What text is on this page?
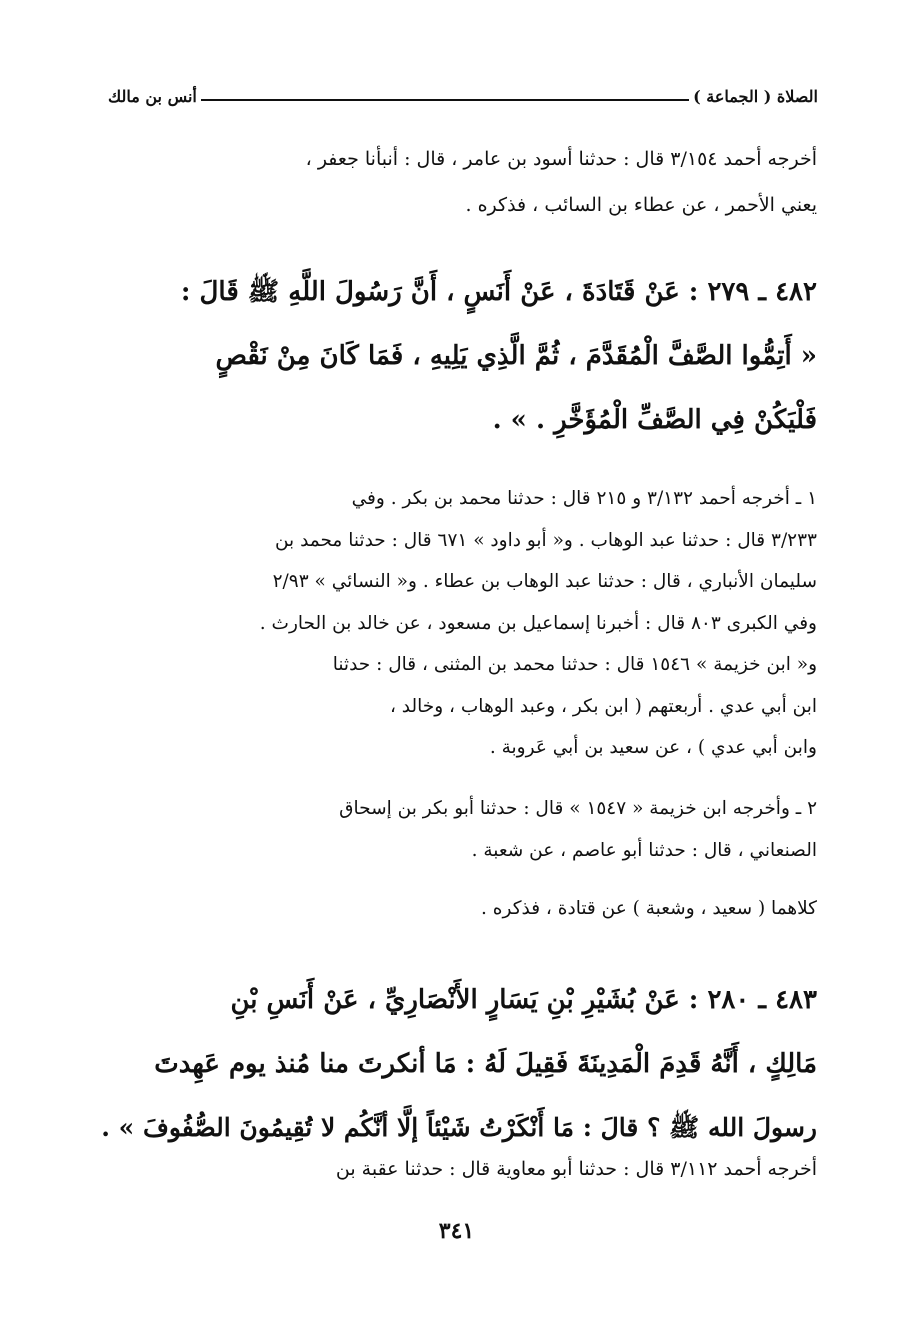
الصلاة ( الجماعة )
أنس بن مالك
أخرجه أحمد ٣/١٥٤ قال : حدثنا أسود بن عامر ، قال : أنبأنا جعفر ،
يعني الأحمر ، عن عطاء بن السائب ، فذكره .
٤٨٢ ـ ٢٧٩ : عَنْ قَتَادَةَ ، عَنْ أَنَسٍ ، أَنَّ رَسُولَ اللَّهِ ﷺ قَالَ :
« أَتِمُّوا الصَّفَّ الْمُقَدَّمَ ، ثُمَّ الَّذِي يَلِيهِ ، فَمَا كَانَ مِنْ نَقْصٍ
فَلْيَكُنْ فِي الصَّفِّ الْمُؤَخَّرِ . » .
١ ـ أخرجه أحمد ٣/١٣٢ و ٢١٥ قال : حدثنا محمد بن بكر . وفي
٣/٢٣٣ قال : حدثنا عبد الوهاب . و« أبو داود » ٦٧١ قال : حدثنا محمد بن
سليمان الأنباري ، قال : حدثنا عبد الوهاب بن عطاء . و« النسائي » ٢/٩٣
وفي الكبرى ٨٠٣ قال : أخبرنا إسماعيل بن مسعود ، عن خالد بن الحارث .
و« ابن خزيمة » ١٥٤٦ قال : حدثنا محمد بن المثنى ، قال : حدثنا
ابن أبي عدي . أربعتهم ( ابن بكر ، وعبد الوهاب ، وخالد ،
وابن أبي عدي ) ، عن سعيد بن أبي عَروبة .
٢ ـ وأخرجه ابن خزيمة « ١٥٤٧ » قال : حدثنا أبو بكر بن إسحاق
الصنعاني ، قال : حدثنا أبو عاصم ، عن شعبة .
كلاهما ( سعيد ، وشعبة ) عن قتادة ، فذكره .
٤٨٣ ـ ٢٨٠ : عَنْ بُشَيْرِ بْنِ يَسَارٍ الأَنْصَارِيِّ ، عَنْ أَنَسِ بْنِ
مَالِكٍ ، أَنَّهُ قَدِمَ الْمَدِينَةَ فَقِيلَ لَهُ : مَا أنكرتَ منا مُنذ يوم عَهِدتَ
رسولَ الله ﷺ ؟ قالَ : مَا أَنْكَرْتُ شَيْئاً إلَّا أنَّكُم لا تُقِيمُونَ الصُّفُوفَ » .
أخرجه أحمد ٣/١١٢ قال : حدثنا أبو معاوية قال : حدثنا عقبة بن
٣٤١
